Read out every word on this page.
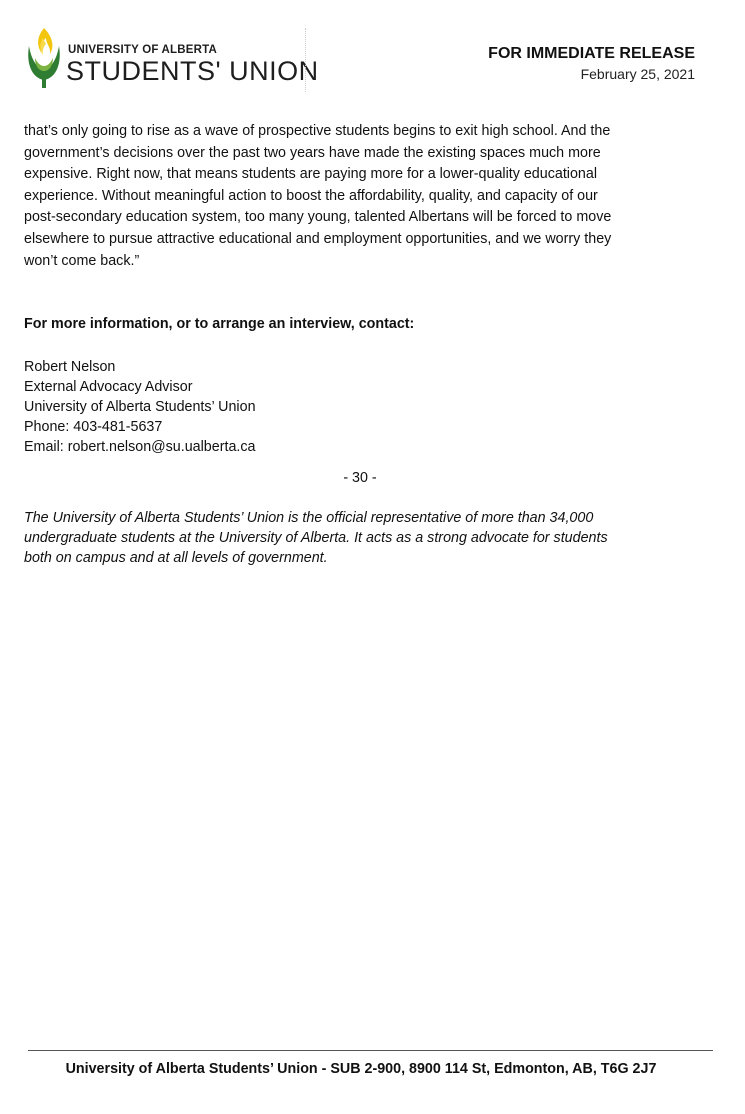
UNIVERSITY OF ALBERTA
STUDENTS' UNION
FOR IMMEDIATE RELEASE
February 25, 2021

that’s only going to rise as a wave of prospective students begins to exit high school. And the

government’s decisions over the past two years have made the existing spaces much more

expensive. Right now, that means students are paying more for a lower-quality educational

experience. Without meaningful action to boost the affordability, quality, and capacity of our

post-secondary education system, too many young, talented Albertans will be forced to move

elsewhere to pursue attractive educational and employment opportunities, and we worry they

won’t come back.”

For more information, or to arrange an interview, contact:
Robert Nelson
External Advocacy Advisor
University of Alberta Students’ Union
Phone: 403-481-5637
Email: robert.nelson@su.ualberta.ca
- 30 -
The University of Alberta Students’ Union is the official representative of more than 34,000
undergraduate students at the University of Alberta. It acts as a strong advocate for students
both on campus and at all levels of government.
University of Alberta Students’ Union - SUB 2-900, 8900 114 St, Edmonton, AB, T6G 2J7
